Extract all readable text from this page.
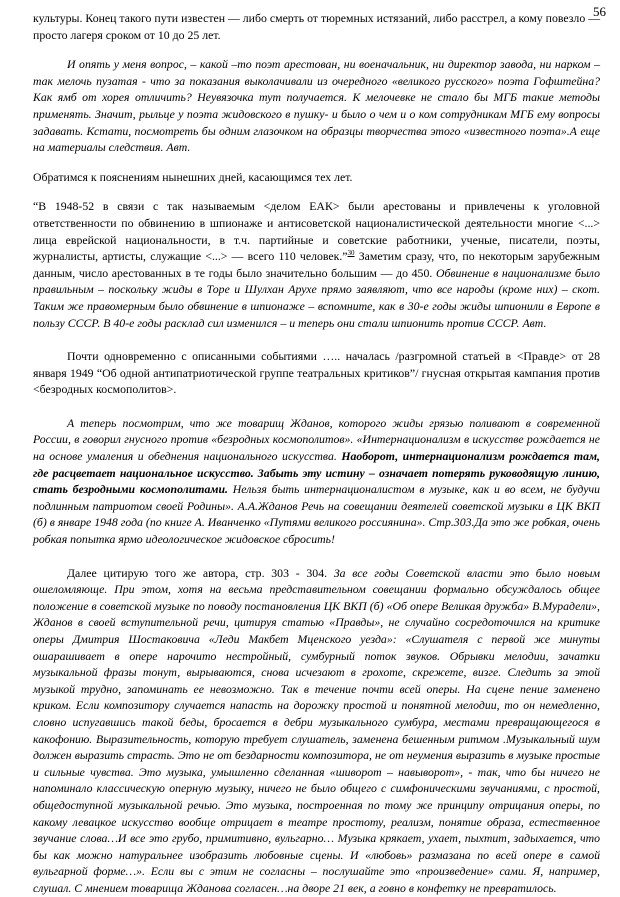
56

культуры. Конец такого пути известен — либо смерть от тюремных истязаний, либо расстрел, а кому повезло — просто лагеря сроком от 10 до 25 лет.

И опять у меня вопрос, – какой –то поэт арестован, ни военачальник, ни директор завода, ни нарком – так мелочь пузатая - что за показания выколачивали из очередного «великого русского» поэта Гофштейна? Как ямб от хорея отличить? Неувязочка тут получается. К мелочевке не стало бы МГБ такие методы применять. Значит, рыльце у поэта жидовского в пушку- и было о чем и о ком сотрудникам МГБ ему вопросы задавать. Кстати, посмотреть бы одним глазочком на образцы творчества этого «известного поэта».А еще на материалы следствия. Авт.

Обратимся к пояснениям нынешних дней, касающимся тех лет.

“В 1948-52 в связи с так называемым <делом ЕАК> были арестованы и привлечены к уголовной ответственности по обвинению в шпионаже и антисоветской националистической деятельности многие <...> лица еврейской национальности, в т.ч. партийные и советские работники, ученые, писатели, поэты, журналисты, артисты, служащие <...> — всего 110 человек.”$^{30}$ Заметим сразу, что, по некоторым зарубежным данным, число арестованных в те годы было значительно большим — до 450. Обвинение в национализме было правильным – поскольку жиды в Торе и Шулхан Арухе прямо заявляют, что все народы (кроме них) – скот. Таким же правомерным было обвинение в шпионаже – вспомните, как в 30-е годы жиды шпионили в Европе в пользу СССР. В 40-е годы расклад сил изменился – и теперь они стали шпионить против СССР. Авт.

Почти одновременно с описанными событиями ….. началась /разгромной статьей в <Правде> от 28 января 1949 “Об одной антипатриотической группе театральных критиков”/ гнусная открытая кампания против <безродных космополитов>.

А теперь посмотрим, что же товарищ Жданов, которого жиды грязью поливают в современной России, в говорил гнусного против «безродных космополитов». «Интернационализм в искусстве рождается не на основе умаления и обеднения национального искусства. Наоборот, интернационализм рождается там, где расцветает национальное искусство. Забыть эту истину – означает потерять руководящую линию, стать безродными космополитами. Нельзя быть интернационалистом в музыке, как и во всем, не будучи подлинным патриотом своей Родины». А.А.Жданов Речь на совещании деятелей советской музыки в ЦК ВКП (б) в январе 1948 года (по книге А. Иванченко «Путями великого россиянина». Стр.303.Да это же робкая, очень робкая попытка ярмо идеологическое жидовское сбросить!

Далее цитирую того же автора, стр. 303 - 304. За все годы Советской власти это было новым ошеломляюще. При этом, хотя на весьма представительном совещании формально обсуждалось общее положение в советской музыке по поводу постановления ЦК ВКП (б) «Об опере Великая дружба» В.Мурадели», Жданов в своей вступительной речи, цитируя статью «Правды», не случайно сосредоточился на критике оперы Дмитрия Шостаковича «Леди Макбет Мценского уезда»: «Слушателя с первой же минуты ошарашивает в опере нарочито нестройный, сумбурный поток звуков. Обрывки мелодии, зачатки музыкальной фразы тонут, вырываются, снова исчезают в грохоте, скрежете, визге. Следить за этой музыкой трудно, запоминать ее невозможно. Так в течение почти всей оперы. На сцене пение заменено криком. Если композитору случается напасть на дорожку простой и понятной мелодии, то он немедленно, словно испугавшись такой беды, бросается в дебри музыкального сумбура, местами превращающегося в какофонию. Выразительность, которую требует слушатель, заменена бешенным ритмом .Музыкальный шум должен выразить страсть. Это не от бездарности композитора, не от неумения выразить в музыке простые и сильные чувства. Это музыка, умышленно сделанная «шиворот – навыворот», - так, что бы ничего не напоминало классическую оперную музыку, ничего не было общего с симфоническими звучаниями, с простой, общедоступной музыкальной речью. Это музыка, построенная по тому же принципу отрицания оперы, по какому левацкое искусство вообще отрицает в театре простоту, реализм, понятие образа, естественное звучание слова…И все это грубо, примитивно, вульгарно… Музыка крякает, ухает, пыхтит, задыхается, что бы как можно натуральнее изобразить любовные сцены. И «любовь» размазана по всей опере в самой вульгарной форме…». Если вы с этим не согласны – послушайте это «произведение» сами. Я, например, слушал. С мнением товарища Жданова согласен…на дворе 21 век, а говно в конфетку не превратилось.
